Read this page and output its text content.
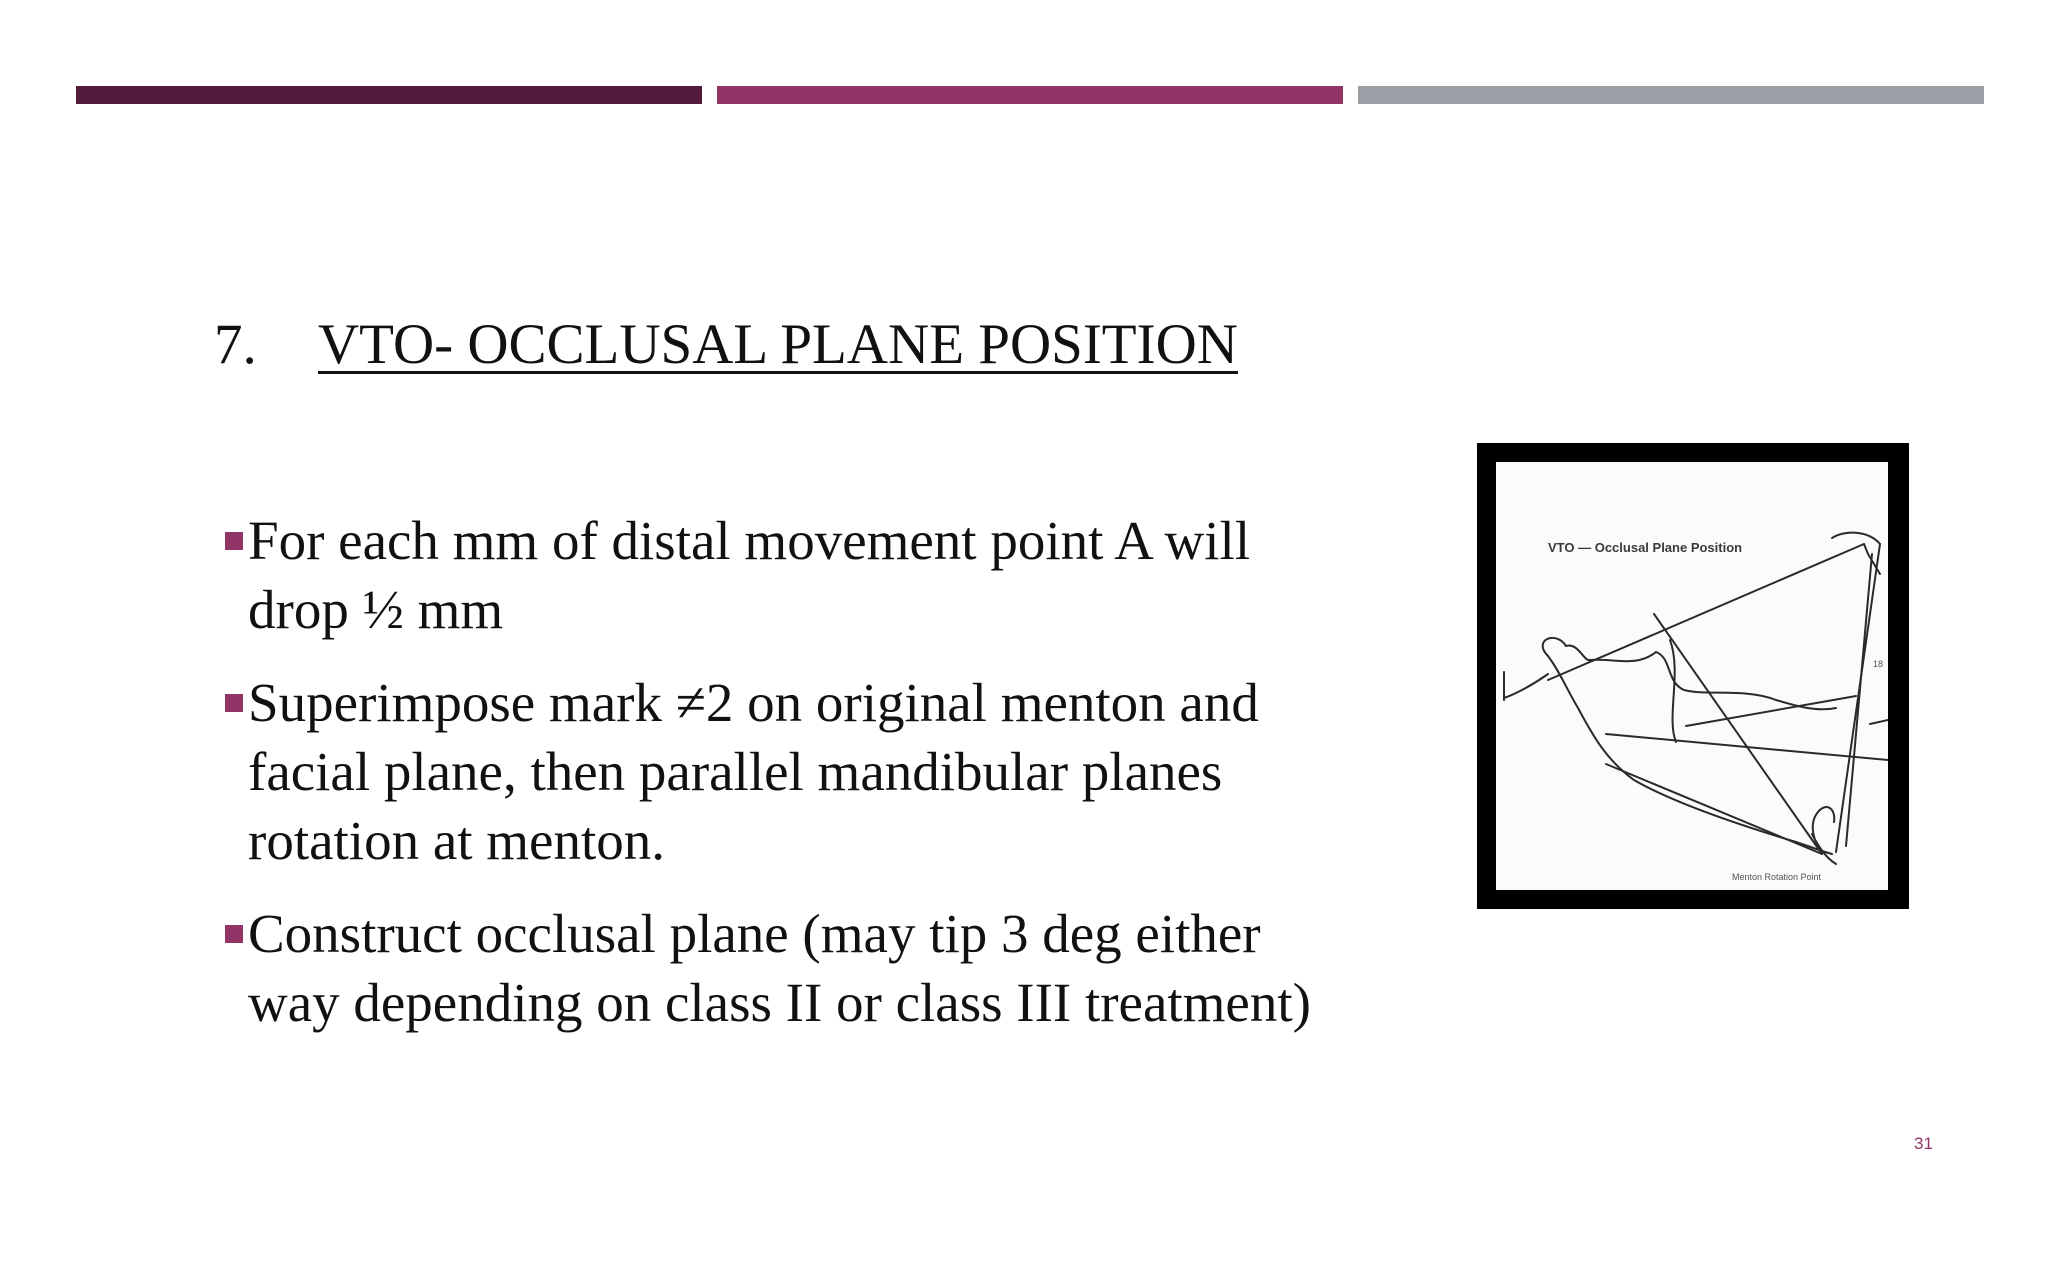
7. VTO- OCCLUSAL PLANE POSITION
For each mm of distal movement point A will
drop ½ mm
Superimpose mark ≠2 on original menton and
facial plane, then parallel mandibular planes
rotation at menton.
Construct occlusal plane (may tip 3 deg either
way depending on class II or class III treatment)
VTO — Occlusal Plane Position
18
Menton Rotation Point
31
